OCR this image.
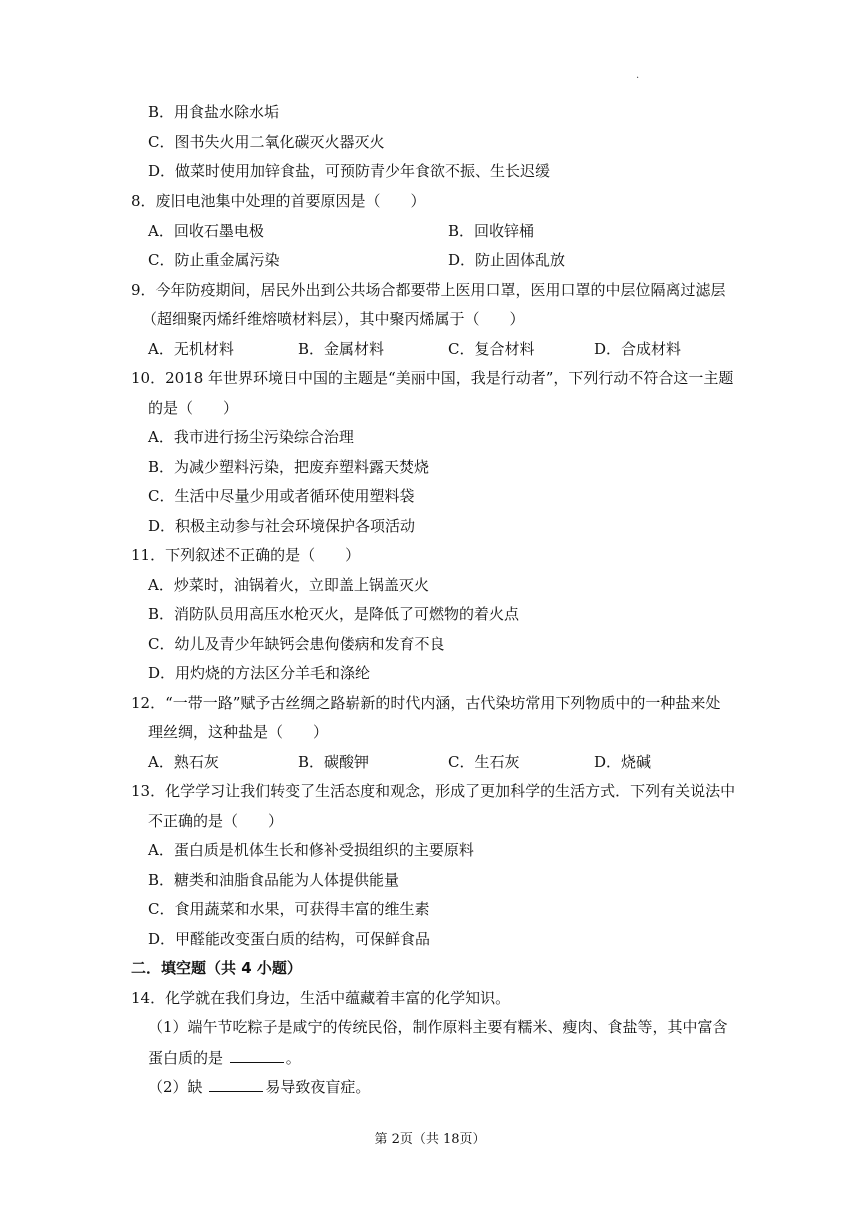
.
B．用食盐水除水垢
C．图书失火用二氧化碳灭火器灭火
D．做菜时使用加锌食盐，可预防青少年食欲不振、生长迟缓
8．废旧电池集中处理的首要原因是（　　）
A．回收石墨电极	B．回收锌桶
C．防止重金属污染	D．防止固体乱放
9．今年防疫期间，居民外出到公共场合都要带上医用口罩，医用口罩的中层位隔离过滤层
（超细聚丙烯纤维熔喷材料层），其中聚丙烯属于（　　）
A．无机材料	B．金属材料	C．复合材料	D．合成材料
10．2018 年世界环境日中国的主题是“美丽中国，我是行动者”，下列行动不符合这一主题
的是（　　）
A．我市进行扬尘污染综合治理
B．为减少塑料污染，把废弃塑料露天焚烧
C．生活中尽量少用或者循环使用塑料袋
D．积极主动参与社会环境保护各项活动
11．下列叙述不正确的是（　　）
A．炒菜时，油锅着火，立即盖上锅盖灭火
B．消防队员用高压水枪灭火，是降低了可燃物的着火点
C．幼儿及青少年缺钙会患佝偻病和发育不良
D．用灼烧的方法区分羊毛和涤纶
12．“一带一路”赋予古丝绸之路崭新的时代内涵，古代染坊常用下列物质中的一种盐来处
理丝绸，这种盐是（　　）
A．熟石灰	B．碳酸钾	C．生石灰	D．烧碱
13．化学学习让我们转变了生活态度和观念，形成了更加科学的生活方式．下列有关说法中
不正确的是（　　）
A．蛋白质是机体生长和修补受损组织的主要原料
B．糖类和油脂食品能为人体提供能量
C．食用蔬菜和水果，可获得丰富的维生素
D．甲醛能改变蛋白质的结构，可保鲜食品
二．填空题（共 4 小题）
14．化学就在我们身边，生活中蕴藏着丰富的化学知识。
（1）端午节吃粽子是咸宁的传统民俗，制作原料主要有糯米、瘦肉、食盐等，其中富含
蛋白质的是	。
（2）缺	易导致夜盲症。
第 2页（共 18页）
